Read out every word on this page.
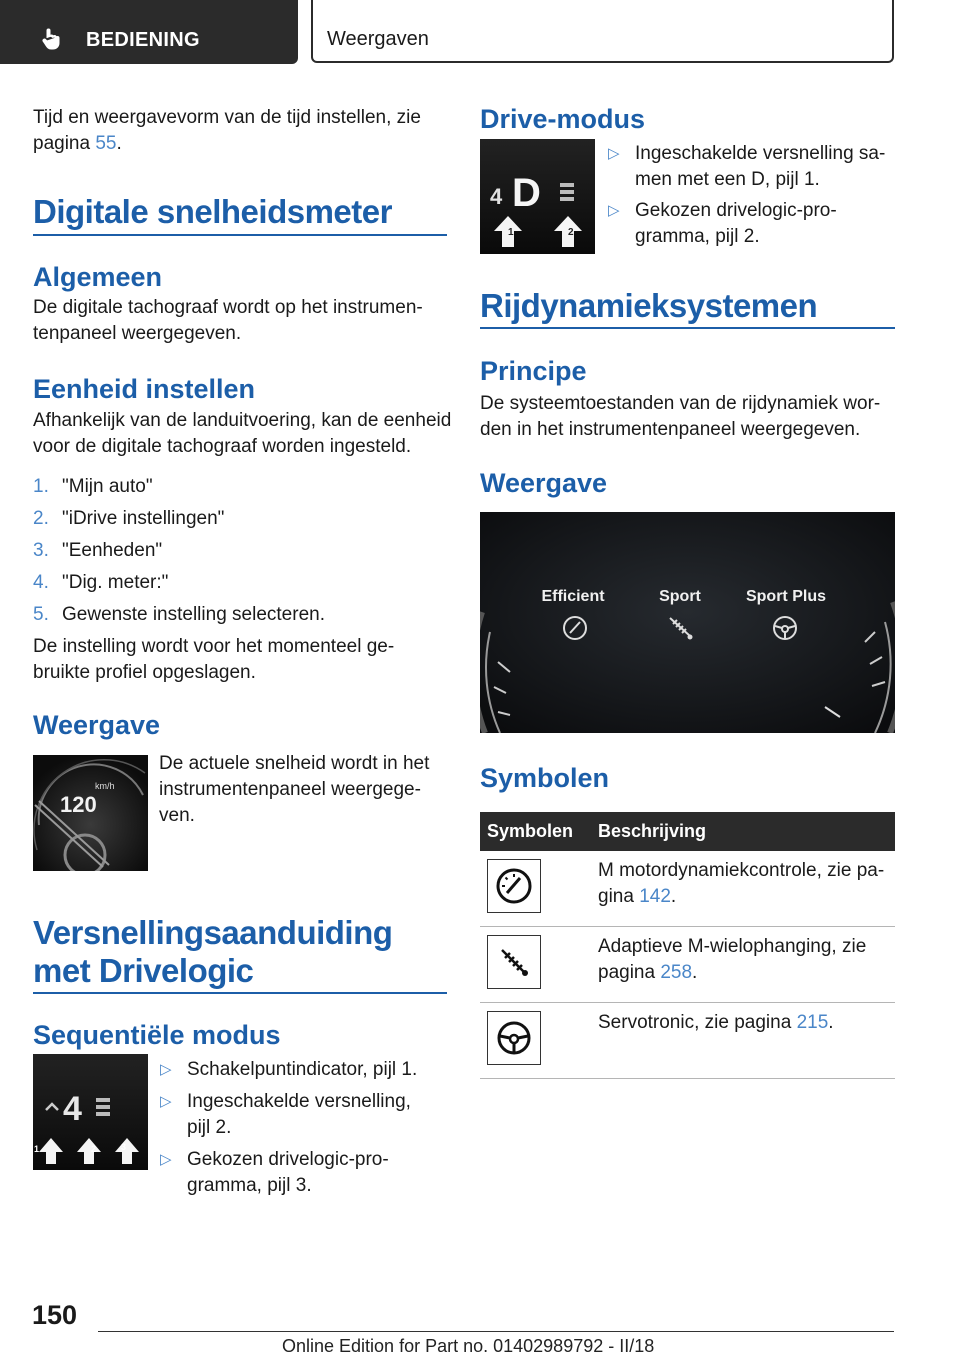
BEDIENING	Weergaven
Tijd en weergavevorm van de tijd instellen, zie
pagina 55.
Digitale snelheidsmeter
Algemeen
De digitale tachograaf wordt op het instrumen-
tenpaneel weergegeven.
Eenheid instellen
Afhankelijk van de landuitvoering, kan de eenheid
voor de digitale tachograaf worden ingesteld.
1. "Mijn auto"
2. "iDrive instellingen"
3. "Eenheden"
4. "Dig. meter:"
5. Gewenste instelling selecteren.
De instelling wordt voor het momenteel ge-
bruikte profiel opgeslagen.
Weergave
km/h
120
De actuele snelheid wordt in het
instrumentenpaneel weergege-
ven.
Versnellingsaanduiding
met Drivelogic
Sequentiële modus
4
1	2	3
▷ Schakelpuntindicator, pijl 1.
▷ Ingeschakelde versnelling,
pijl 2.
▷ Gekozen drivelogic-pro-
gramma, pijl 3.
Drive-modus
4 D
1	2
▷ Ingeschakelde versnelling sa-
men met een D, pijl 1.
▷ Gekozen drivelogic-pro-
gramma, pijl 2.
Rijdynamieksystemen
Principe
De systeemtoestanden van de rijdynamiek wor-
den in het instrumentenpaneel weergegeven.
Weergave
Efficient	Sport	Sport Plus
Symbolen
Symbolen Beschrijving
M motordynamiekcontrole, zie pa-
gina 142.
Adaptieve M-wielophanging, zie
pagina 258.
Servotronic, zie pagina 215.
150
Online Edition for Part no. 01402989792 - II/18
